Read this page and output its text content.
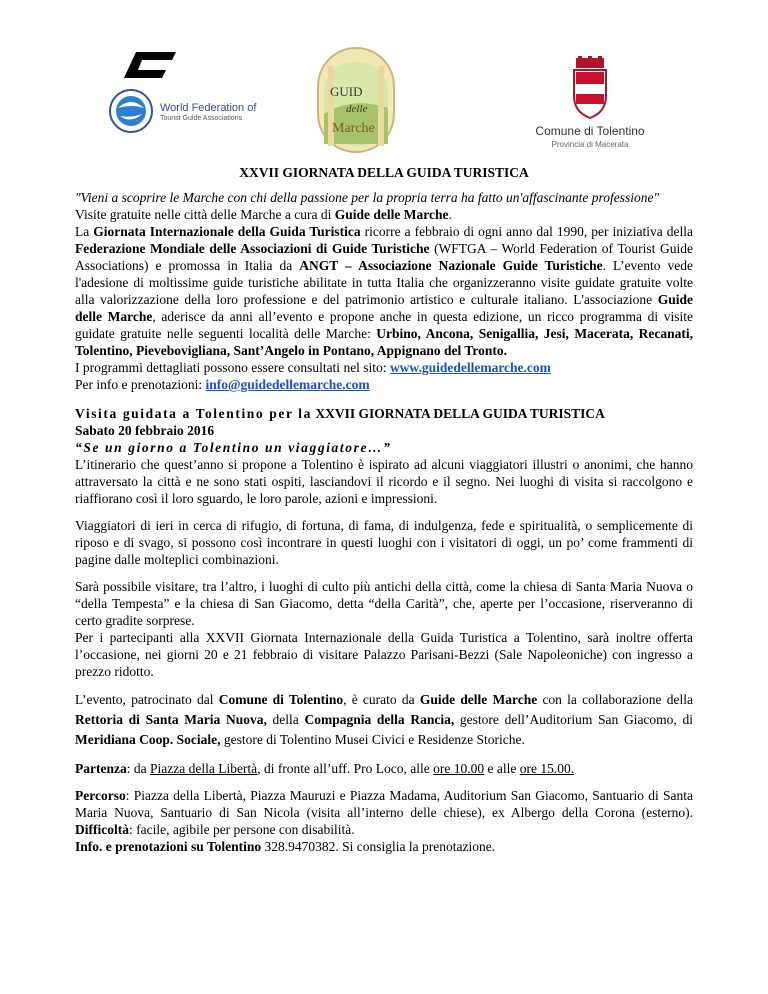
ANGT
World Federation of
Tourist Guide Associations
GUID
delle
Marche	Comune di Tolentino
Provincia di Macerata

XXVII GIORNATA DELLA GUIDA TURISTICA

"Vieni a scoprire le Marche con chi della passione per la propria terra ha fatto un'affascinante professione"

Visite gratuite nelle città delle Marche a cura di Guide delle Marche.

La Giornata Internazionale della Guida Turistica ricorre a febbraio di ogni anno dal 1990, per iniziativa della Federazione Mondiale delle Associazioni di Guide Turistiche (WFTGA – World Federation of Tourist Guide Associations) e promossa in Italia da ANGT – Associazione Nazionale Guide Turistiche. L’evento vede l'adesione di moltissime guide turistiche abilitate in tutta Italia che organizzeranno visite guidate gratuite volte alla valorizzazione della loro professione e del patrimonio artistico e culturale italiano. L'associazione Guide delle Marche, aderisce da anni all’evento e propone anche in questa edizione, un ricco programma di visite guidate gratuite nelle seguenti località delle Marche: Urbino, Ancona, Senigallia, Jesi, Macerata, Recanati, Tolentino, Pievebovigliana, Sant’Angelo in Pontano, Appignano del Tronto.

I programmi dettagliati possono essere consultati nel sito: www.guidedellemarche.com

Per info e prenotazioni: info@guidedellemarche.com

Visita guidata a Tolentino per la XXVII GIORNATA DELLA GUIDA TURISTICA

Sabato 20 febbraio 2016

“Se un giorno a Tolentino un viaggiatore…”

L’itinerario che quest’anno si propone a Tolentino è ispirato ad alcuni viaggiatori illustri o anonimi, che hanno attraversato la città e ne sono stati ospiti, lasciandovi il ricordo e il segno. Nei luoghi di visita si raccolgono e riaffiorano così il loro sguardo, le loro parole, azioni e impressioni.

Viaggiatori di ieri in cerca di rifugio, di fortuna, di fama, di indulgenza, fede e spiritualità, o semplicemente di riposo e di svago, si possono così incontrare in questi luoghi con i visitatori di oggi, un po’ come frammenti di pagine dalle molteplici combinazioni.

Sarà possibile visitare, tra l’altro, i luoghi di culto più antichi della città, come la chiesa di Santa Maria Nuova o “della Tempesta” e la chiesa di San Giacomo, detta “della Carità”, che, aperte per l’occasione, riserveranno di certo gradite sorprese.

Per i partecipanti alla XXVII Giornata Internazionale della Guida Turistica a Tolentino, sarà inoltre offerta l’occasione, nei giorni 20 e 21 febbraio di visitare Palazzo Parisani-Bezzi (Sale Napoleoniche) con ingresso a prezzo ridotto.

L’evento, patrocinato dal Comune di Tolentino, è curato da Guide delle Marche con la collaborazione della Rettoria di Santa Maria Nuova, della Compagnia della Rancia, gestore dell’Auditorium San Giacomo, di Meridiana Coop. Sociale, gestore di Tolentino Musei Civici e Residenze Storiche.

Partenza: da Piazza della Libertà, di fronte all’uff. Pro Loco, alle ore 10.00 e alle ore 15.00.

Percorso: Piazza della Libertà, Piazza Mauruzi e Piazza Madama, Auditorium San Giacomo, Santuario di Santa Maria Nuova, Santuario di San Nicola (visita all’interno delle chiese), ex Albergo della Corona (esterno). Difficoltà: facile, agibile per persone con disabilità.

Info. e prenotazioni su Tolentino 328.9470382. Si consiglia la prenotazione.
